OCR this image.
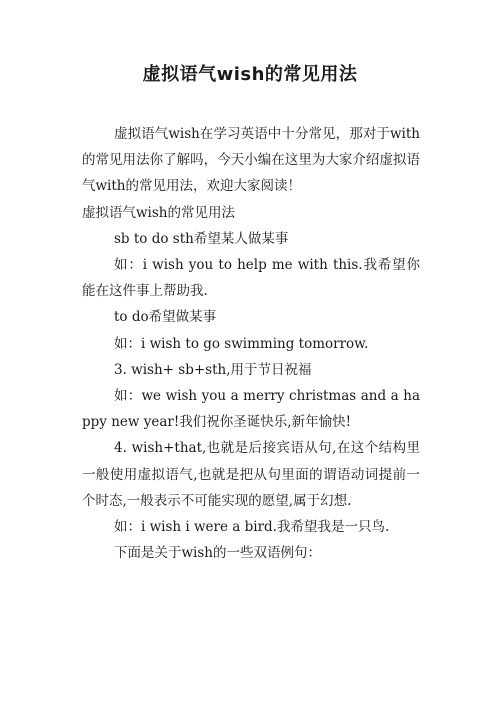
虚拟语气wish的常见用法

虚拟语气wish在学习英语中十分常见，那对于with的常见用法你了解吗，今天小编在这里为大家介绍虚拟语气with的常见用法，欢迎大家阅读！

虚拟语气wish的常见用法

sb to do sth希望某人做某事

如：i wish you to help me with this.我希望你能在这件事上帮助我.

to do希望做某事

如：i wish to go swimming tomorrow.

3. wish+ sb+sth,用于节日祝福

如：we wish you a merry christmas and a happy new year!我们祝你圣诞快乐,新年愉快!

4. wish+that,也就是后接宾语从句,在这个结构里一般使用虚拟语气,也就是把从句里面的谓语动词提前一个时态,一般表示不可能实现的愿望,属于幻想.

如：i wish i were a bird.我希望我是一只鸟.

下面是关于wish的一些双语例句：
